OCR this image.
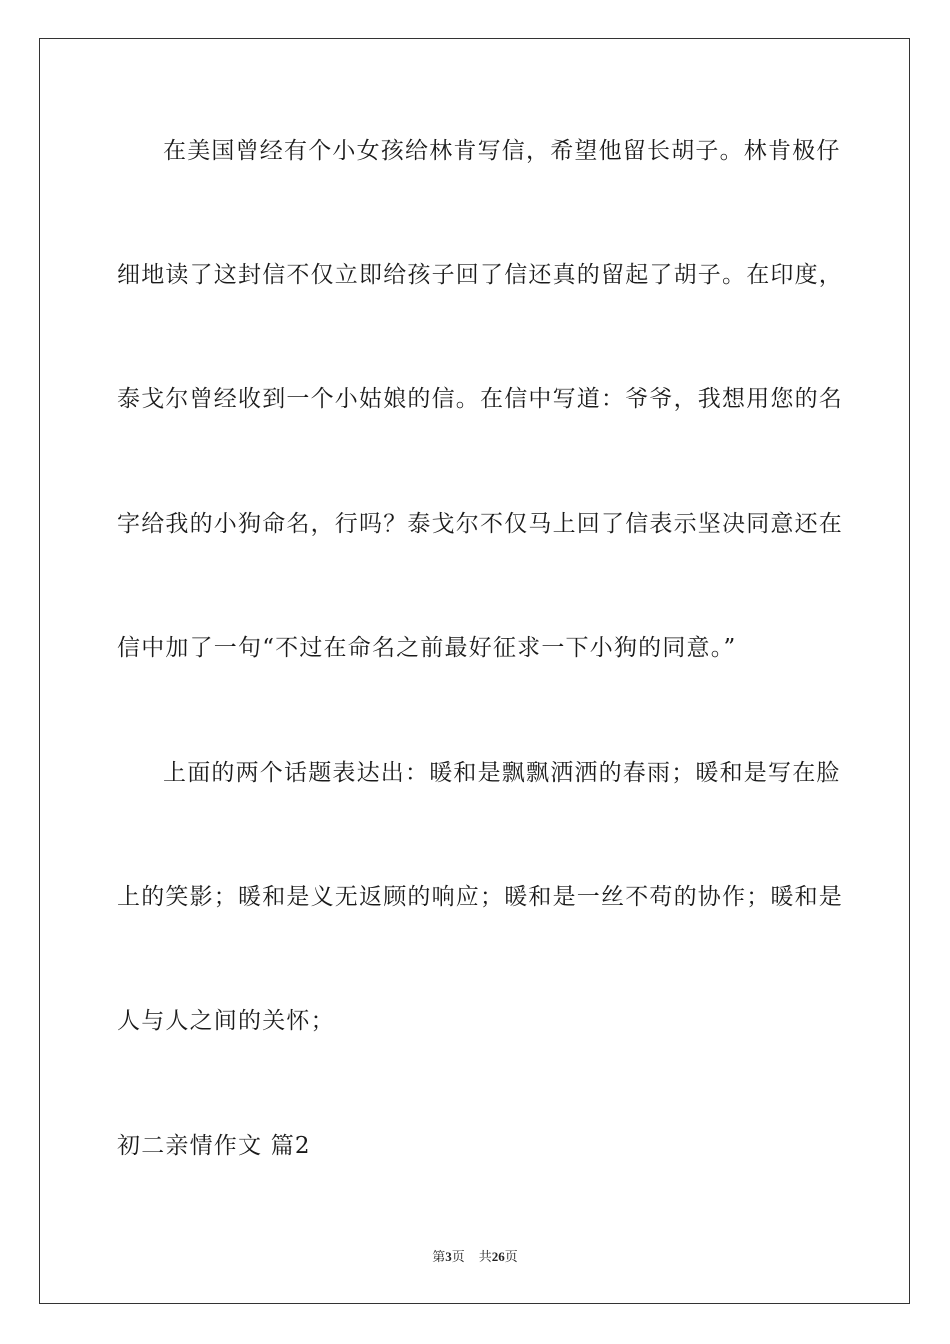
在美国曾经有个小女孩给林肯写信，希望他留长胡子。林肯极仔
细地读了这封信不仅立即给孩子回了信还真的留起了胡子。在印度，
泰戈尔曾经收到一个小姑娘的信。在信中写道：爷爷，我想用您的名
字给我的小狗命名，行吗？泰戈尔不仅马上回了信表示坚决同意还在
信中加了一句“不过在命名之前最好征求一下小狗的同意。”
上面的两个话题表达出：暖和是飘飘洒洒的春雨；暖和是写在脸
上的笑影；暖和是义无返顾的响应；暖和是一丝不苟的协作；暖和是
人与人之间的关怀；
初二亲情作文 篇2
第3页 共26页
